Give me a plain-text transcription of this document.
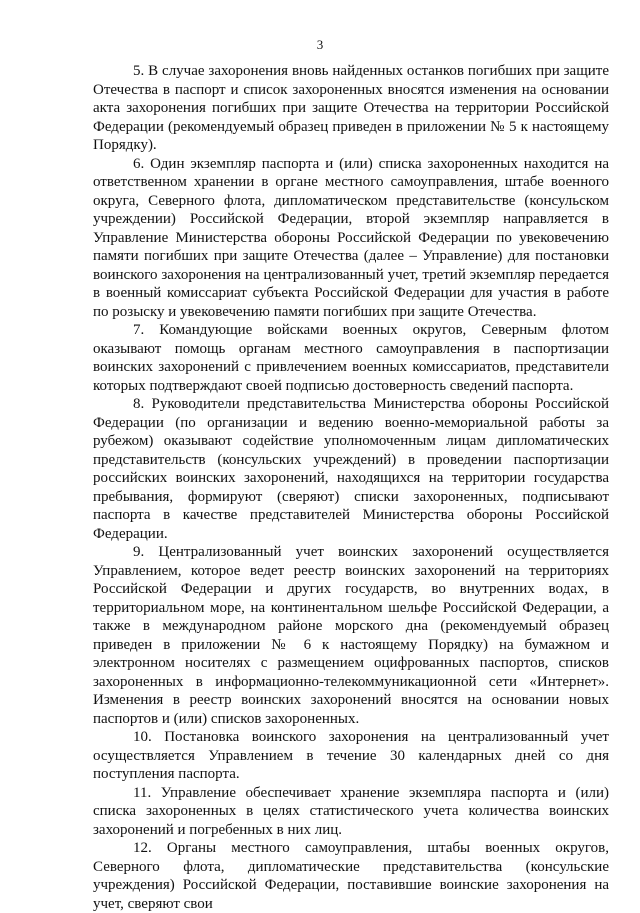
3

5. В случае захоронения вновь найденных останков погибших при защите Отечества в паспорт и список захороненных вносятся изменения на основании акта захоронения погибших при защите Отечества на территории Российской Федерации (рекомендуемый образец приведен в приложении № 5 к настоящему Порядку).

6. Один экземпляр паспорта и (или) списка захороненных находится на ответственном хранении в органе местного самоуправления, штабе военного округа, Северного флота, дипломатическом представительстве (консульском учреждении) Российской Федерации, второй экземпляр направляется в Управление Министерства обороны Российской Федерации по увековечению памяти погибших при защите Отечества (далее – Управление) для постановки воинского захоронения на централизованный учет, третий экземпляр передается в военный комиссариат субъекта Российской Федерации для участия в работе по розыску и увековечению памяти погибших при защите Отечества.

7. Командующие войсками военных округов, Северным флотом оказывают помощь органам местного самоуправления в паспортизации воинских захоронений с привлечением военных комиссариатов, представители которых подтверждают своей подписью достоверность сведений паспорта.

8. Руководители представительства Министерства обороны Российской Федерации (по организации и ведению военно-мемориальной работы за рубежом) оказывают содействие уполномоченным лицам дипломатических представительств (консульских учреждений) в проведении паспортизации российских воинских захоронений, находящихся на территории государства пребывания, формируют (сверяют) списки захороненных, подписывают паспорта в качестве представителей Министерства обороны Российской Федерации.

9. Централизованный учет воинских захоронений осуществляется Управлением, которое ведет реестр воинских захоронений на территориях Российской Федерации и других государств, во внутренних водах, в территориальном море, на континентальном шельфе Российской Федерации, а также в международном районе морского дна (рекомендуемый образец приведен в приложении № 6 к настоящему Порядку) на бумажном и электронном носителях с размещением оцифрованных паспортов, списков захороненных в информационно-телекоммуникационной сети «Интернет». Изменения в реестр воинских захоронений вносятся на основании новых паспортов и (или) списков захороненных.

10. Постановка воинского захоронения на централизованный учет осуществляется Управлением в течение 30 календарных дней со дня поступления паспорта.

11. Управление обеспечивает хранение экземпляра паспорта и (или) списка захороненных в целях статистического учета количества воинских захоронений и погребенных в них лиц.

12. Органы местного самоуправления, штабы военных округов, Северного флота, дипломатические представительства (консульские учреждения) Российской Федерации, поставившие воинские захоронения на учет, сверяют свои
